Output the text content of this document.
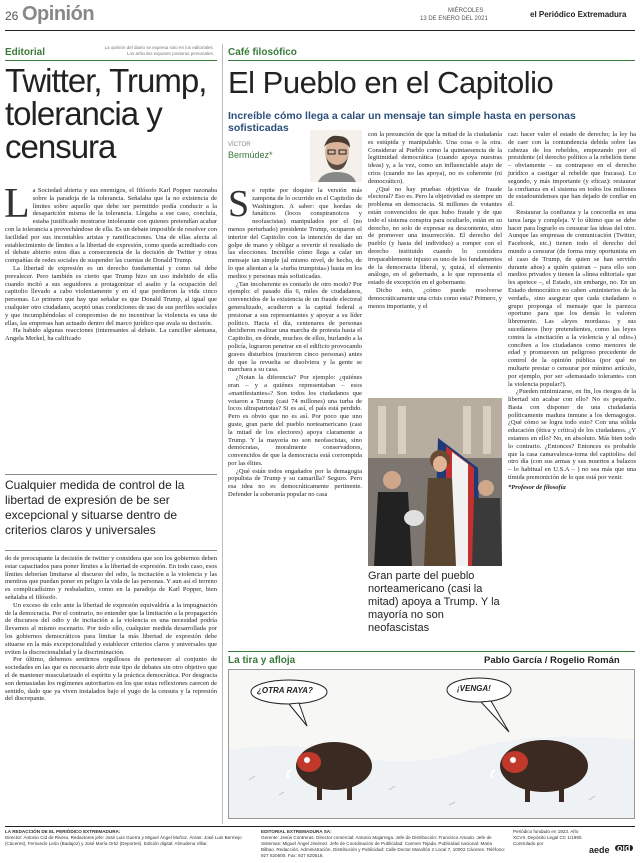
26 Opinión	MIÉRCOLES
13 DE ENERO DEL 2021	el Periódico Extremadura
Editorial	La opinión del diario se expresa solo en los editoriales. Los artículos exponen posturas personales.
Twitter, Trump, tolerancia y censura
L a Sociedad abierta y sus enemigos, el filósofo Karl Popper razonaba sobre la paradoja de la tolerancia. Señalaba que la no existencia de límites sobre aquello que debe ser permitido podía conducir a la desaparición misma de la tolerancia. Llegaba a ese caso, concluía, estaba justificado mostrarse intolerante con quienes pretendían acabar con la tolerancia a provechándose de ella. Es un debate imposible de resolver con facilidad por sus incontables aristas y ramificaciones. Una de ellas afecta al establecimiento de límites a la libertad de expresión, como queda acreditado con el debate abierto estos días a consecuencia de la decisión de Twitter y otras compañías de redes sociales de suspender las cuentas de Donald Trump.

La libertad de expresión es un derecho fundamental y como tal debe prevalecer. Pero también es cierto que Trump hizo un uso indebido de ella cuando incitó a sus seguidores a protagonizar el asalto y la ocupación del capitolio llevado a cabo violentamente y en el que perdieron la vida cinco personas. Lo primero que hay que señalar es que Donald Trump, al igual que cualquier otro ciudadano, aceptó unas condiciones de uso de sus perfiles sociales y que incumpliéndolas el compromiso de no incentivar la violencia es una de ellas, las empresas han actuado dentro del marco jurídico que avala su decisión.

Ha habido algunas reacciones (interesantes al debate. La canciller alemana, Angela Merkel, ha calificado

Cualquier medida de control de la libertad de expresión de be ser excepcional y situarse dentro de criterios claros y universales

do de preocupante la decisión de twitter y considera que son los gobiernos deben estar capacitados para poner límites a la libertad de expresión. En todo caso, esos límites deberían limitarse al discurso del odio, la incitación a la violencia y las mentiras que puedan poner en peligro la vida de las personas. Y aun así el terreno es complicadísimo y resbaladizo, como en la paradoja de Karl Popper, bien señalaba el filósofo.

Un exceso de celo ante la libertad de expresión equivaldría a la impugnación de la democracia. Por el contrario, no entender que la limitación a la propagación de discursos del odio y de incitación a la violencia es una necesidad podría llevarnos al mismo escenario. Por todo ello, cualquier medida desarrollada por los gobiernos democráticos para limitar la más libertad de expresión debe situarse en la más excepcionalidad y establecer criterios claros y universales que eviten la discrecionalidad y la discriminación.

Por último, debemos sentirnos orgullosos de pertenecer al conjunto de sociedades en las que es necesario abrir este tipo de debates sin otro objetivo que el de mantener muscularizado el espíritu y la práctica democrática. Por desgracia son demasiadas los regímenes autoritarios en los que estas reflexiones carecen de sentido, dado que ya viven instalados bajo el yugo de la censura y la represión del discrepante.

Café filosófico
El Pueblo en el Capitolio
Increíble cómo llega a calar un mensaje tan simple hasta en personas sofisticadas
VÍCTOR
Bermúdez*
S e repite por doquier la versión más zampona de lo ocurrido en el Capitolio de Washington. A saber: que hordas de fanáticos (locos conspiranoicos y neofascistas) manipulados por el (no menos perturbado) presidente Trump, ocuparon el interior del Capitolio con la intención de dar un golpe de mano y obligar a revertir el resultado de las elecciones. Increíble cómo llega a calar un mensaje tan simple (al mismo nivel, de hecho, de lo que alientan a la «turba trumpista») hasta en los medios y personas más sofisticadas.

¿Tan incoherente es contarlo de otro modo? Por ejemplo: el pasado día 6, miles de ciudadanos, convencidos de la existencia de un fraude electoral generalizado, acudieron a la capital federal a presionar a sus representantes y apoyar a su líder político. Hacia el día, centenares de personas decidieron realizar una marcha de protesta hasta el Capitolio, en dónde, muchos de ellos, burlando a la policía, lograron penetrar en el edificio provocando graves disturbios (murieron cinco personas) antes de que la revuelta se disolviera y la gente se marchara a su casa.

¿Notan la diferencia? Por ejemplo: ¿quiénes eran – y a quiénes representaban – esos «manifestantes»? Son todos los ciudadanos que votaron a Trump (casi 74 millones) una turba de locos ultrapatriotas? Si es así, el país está perdido. Pero es obvio que no es así. Por poco que uno guste, gran parte del pueblo norteamericano (casi la mitad de los electores) apoya claramente a Trump. Y la mayoría no son neofascistas, sino demócratas, moralmente conservadores, convencidos de que la democracia está corrompida por las élites.

¿Qué están todos engañados por la demagogia populista de Trump y su camarilla? Seguro. Pero esa idea no es democráticamente pertinente. Defender la soberanía popular no casa

con la presunción de que la mitad de la ciudadanía es estúpida y manipulable. Una cosa o la otra. Considerar al Pueblo como la quintaesencia de la legitimidad democrática (cuando apoya nuestras ideas) y, a la vez, como un influenciable atajo de crios (cuando no las apoya), no es coherente (ni democrático).

¿Qué no hay pruebas objetivas de fraude electoral? Eso es. Pero la objetividad es siempre un problema en democracia. Si millones de votantes están convencidos de que hubo fraude y de que todo el sistema conspira para ocultarlo, están en su derecho, no solo de expresar su descontento, sino de promover una insurrección. El derecho del pueblo (y hasta del individuo) a romper con el derecho instituido cuando lo considera irreparablemente injusto es uno de los fundamentos de la democracia liberal, y, quizá, el elemento análogo, en el gobernado, a lo que representa el estado de excepción en el gobernante.

Dicho esto, ¿cómo puede resolverse democráticamente una crisis como esta? Primero, y menos importante, y el

Gran parte del pueblo norteamericano (casi la mitad) apoya a Trump. Y la mayoría no son neofascistas

caz: hacer valer el estado de derecho; la ley ha de caer con la contundencia debida sobre las cabezas de los rebeldes, empezando por el presidente (el derecho político a la rebelión tiene – obviamente – su contrapeso en el derecho jurídico a castigar al rebelde que fracasa). Lo segundo, y más importante (y eficaz): restaurar la confianza en el sistema en todos los millones de estadounidenses que han dejado de confiar en él.

Restaurar la confianza y la concordia es una tarea larga y compleja. Y lo último que se debe hacer para lograrlo es censurar las ideas del otro. Aunque las empresas de comunicación (Twitter, Facebook, etc.) tienen todo el derecho del mundo a censurar (de forma muy oportunista en el caso de Trump, de quien se han servido durante años) a quién quieran – para ello son medios privados y tienen la «línea editorial» que les apetece –, el Estado, sin embargo, no. En un Estado democrático no caben «ministerios de la verdad», sino asegurar que cada ciudadano o grupo proponga el mensaje que le parezca oportuno para que los demás lo valoren libremente. Las «leyes mordaza» y sus sucedáneos (hoy pretendientes, como las leyes contra la «incitación a la violencia y al odio») conciben a los ciudadanos como menores de edad y promueven un peligroso precedente de control de la opinión pública (por qué no multarte prestar o censurar por mínimo artículo, por ejemplo, por ser «demasiado tolerante» con la violencia popular?).

¿Pueden minimizarse, en fin, los riesgos de la libertad sin acabar con ello? No es pequeño. Basta con disponer de una ciudadanía políticamente madura inmune a los demagogos. ¿Qué cómo se logra todo esto? Con una sólida educación (ética y crítica) de los ciudadanos. ¿Y estamos en ello? No, en absoluto. Más bien todo lo contrario. ¿Entonces? Entonces es probable que la casa camavalesca-toma del capitolio» del otro día (con sus armas y sus muertos a balazos – lo habitual en U.S.A – ) no sea más que una tímida premonición de lo que está por venir.

*Profesor de filosofía

La tira y afloja	Pablo García / Rogelio Román
¿OTRA RAYA?	¡VENGA!
LA REDACCIÓN DE EL PERIÓDICO EXTREMADURA:
Director: Antonio Cid de Rivera. Redactores jefe: José Luis Guerra y Miguel Ángel Muñoz. Áreas: José Luis Bermejo (Cáceres), Fernando León (Badajoz) y José María Ortiz (Deportes). Edición digital: Almudena Villar.
EDITORIAL EXTREMADURA SA:
Gerente: Jesús Contreras. Director comercial: Antonio Majarrega. Jefe de Distribución: Francisco Amado. Jefe de Sistemas: Miguel Ángel Jiménez. Jefe de Coordinación de Publicidad: Carmen Tejada. Publicidad nacional: Maria Bilbao. Redacción, Administración, Distribución y Publicidad: Calle Doctor Marañón 2 Local 7, 10002 Cáceres. Teléfono: 927 620600. Fax: 927 620616.
Periódico fundado en 1923. Año XCVII. Depósito Legal CC 1/1990. Controlado por
aede ojd
